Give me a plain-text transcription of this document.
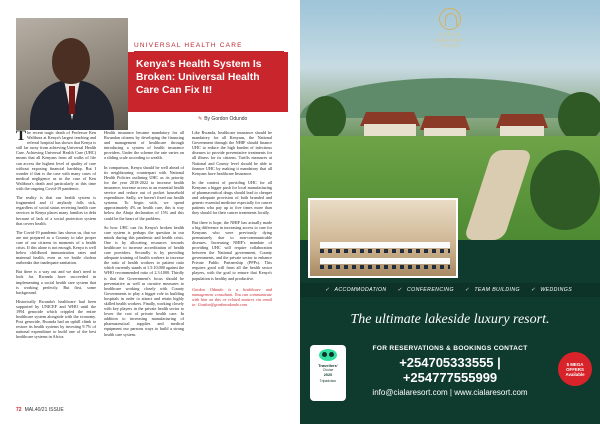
UNIVERSAL HEALTH CARE
Kenya's Health System Is Broken: Universal Health Care Can Fix It!
✎ By Gordon Odundo

The recent tragic death of Professor Ken Walibora at Kenya's largest teaching and referral hospital has shown that Kenya is still far away from achieving Universal Health Care. Achieving Universal Health Care (UHC) means that all Kenyans from all walks of life can access the highest level of quality of care without exposing financial hardship. But I wonder if that is the case with many cases of medical negligence as in the case of Ken Walibora's death and particularly at this time with the ongoing Covid-19 pandemic.

The reality is that our health system is fragmented and if anybody falls sick, regardless of social status receiving health care services in Kenya places many families in debt because of lack of a social protection system that covers health.

The Covid-19 pandemic has shown us, that we are not prepared as a Country to take proper care of our citizens in moments of a health crisis. If this alone is not enough, Kenya is well below childhood immunization rates and maternal health, even as we battle cholera outbreaks due inadequate sanitation.

But there is a way out and we don't need to look far. Rwanda have succeeded in implementing a social health care system that is working perfectly. But first, some background.

Historically Rwanda's healthcare had been supported by UNICEF and WHO until the 1994 genocide which crippled the entire healthcare system alongside with the economy. Post genocide, Rwanda had an uphill climb to restore its health systems by investing 9.7% of national expenditure to build one of the best healthcare systems in Africa.

Health insurance became mandatory for all Rwandan citizens by developing the financing and management of healthcare through introducing a system of health insurance providers. Under the scheme the rate varies on a sliding scale according to wealth.

In comparison, Kenya should be well ahead of its neighbouring counterpart with National Health Policies outlining UHC as its priority for the year 2018-2022 to increase health insurance, increase access to an essential health service and reduce out of pocket household expenditure. Sadly, we haven't fixed our health systems. To begin with, we spend approximately 4% on health care, this is way below the Abuja declaration of 15% and this could be the heart of the problem.

So how UHC can fix Kenya's broken health care system is perhaps the question in our minds during this pandemic and health crisis. One is by allocating resources towards healthcare to increase accreditation of health care providers. Secondly is by providing adequate training of health workers to increase the ratio of health workers to patient ratio which currently stands at 1.5:10,000 against the WHO recommended ratio of 2.3:1000. Thirdly is that the Government's focus should be preventative as well as curative measures to healthcare working closely with County Governments to play a bigger role in building hospitals in order to attract and retain highly skilled health workers. Finally, working closely with key players in the private health sector to lower the cost of private health care. In addition to increasing manufacturing of pharmaceutical supplies and medical equipment our parsons ways to build a strong health care system.

Like Rwanda, healthcare insurance should be mandatory for all Kenyans, the National Government through the NHIF should finance UHC to reduce the high burden of infectious diseases to provide preventative treatments for all illness for its citizens. Tariffs measures at National and County level should be able to finance UHC by making it mandatory that all Kenyans have healthcare Insurance.

In the context of providing UHC for all Kenyans a bigger push for local manufacturing of pharmaceutical drugs should lead to cheaper and adequate provision of both branded and generic essential medicine especially for cancer patients who pay up to five times more than they should for their cancer treatments locally.

But there is hope, the NHIF has actually made a big difference in increasing access to care for Kenyans who were previously dying prematurely due to non-communicable diseases. Increasing NHIF's mandate of providing UHC will require collaboration between the National government, County governments, and the private sector to enhance Private Public Partnership (PPPs). This requires good will from all the health sector players, with the goal to ensure that Kenya's population is healthy and productive.

Gordon Odundo is a healthcare and management consultant. You can communicate with him on this or related matters via email to: Gordon@gordonodundo.com
72 MAL40/21 ISSUE
CIALA RESORT
KISUMU
✓ ACCOMMODATION ✓ CONFERENCING ✓ TEAM BUILDING ✓ WEDDINGS
The ultimate lakeside luxury resort.
Travellers'
Choice
2020
Tripadvisor
FOR RESERVATIONS & BOOKINGS CONTACT
+254705333555 | +254777555999
info@cialaresort.com | www.cialaresort.com
5 MEGA OFFERS Available
